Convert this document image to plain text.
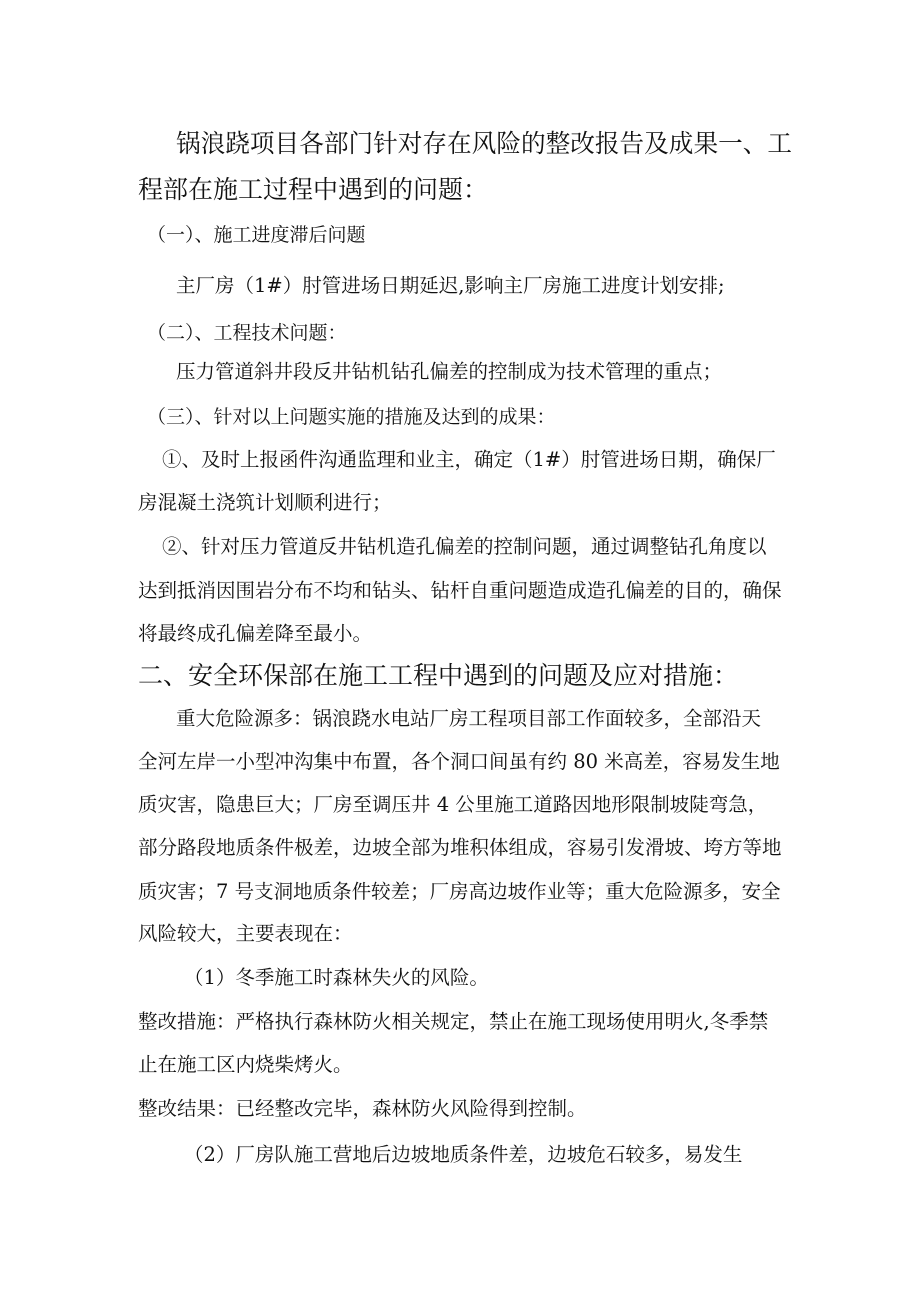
锅浪跷项目各部门针对存在风险的整改报告及成果一、工
程部在施工过程中遇到的问题：
（一）、施工进度滞后问题
主厂房（1#）肘管进场日期延迟,影响主厂房施工进度计划安排;
（二）、工程技术问题：
压力管道斜井段反井钻机钻孔偏差的控制成为技术管理的重点；
（三）、针对以上问题实施的措施及达到的成果：
①、及时上报函件沟通监理和业主，确定（1#）肘管进场日期，确保厂
房混凝土浇筑计划顺利进行；
②、针对压力管道反井钻机造孔偏差的控制问题，通过调整钻孔角度以
达到抵消因围岩分布不均和钻头、钻杆自重问题造成造孔偏差的目的，确保
将最终成孔偏差降至最小。
二、安全环保部在施工工程中遇到的问题及应对措施：
重大危险源多：锅浪跷水电站厂房工程项目部工作面较多，全部沿天
全河左岸一小型冲沟集中布置，各个洞口间虽有约 80 米高差，容易发生地
质灾害，隐患巨大；厂房至调压井 4 公里施工道路因地形限制坡陡弯急，
部分路段地质条件极差，边坡全部为堆积体组成，容易引发滑坡、垮方等地
质灾害；7 号支洞地质条件较差；厂房高边坡作业等；重大危险源多，安全
风险较大，主要表现在：
（1）冬季施工时森林失火的风险。
整改措施：严格执行森林防火相关规定，禁止在施工现场使用明火,冬季禁
止在施工区内烧柴烤火。
整改结果：已经整改完毕，森林防火风险得到控制。
（2）厂房队施工营地后边坡地质条件差，边坡危石较多，易发生
